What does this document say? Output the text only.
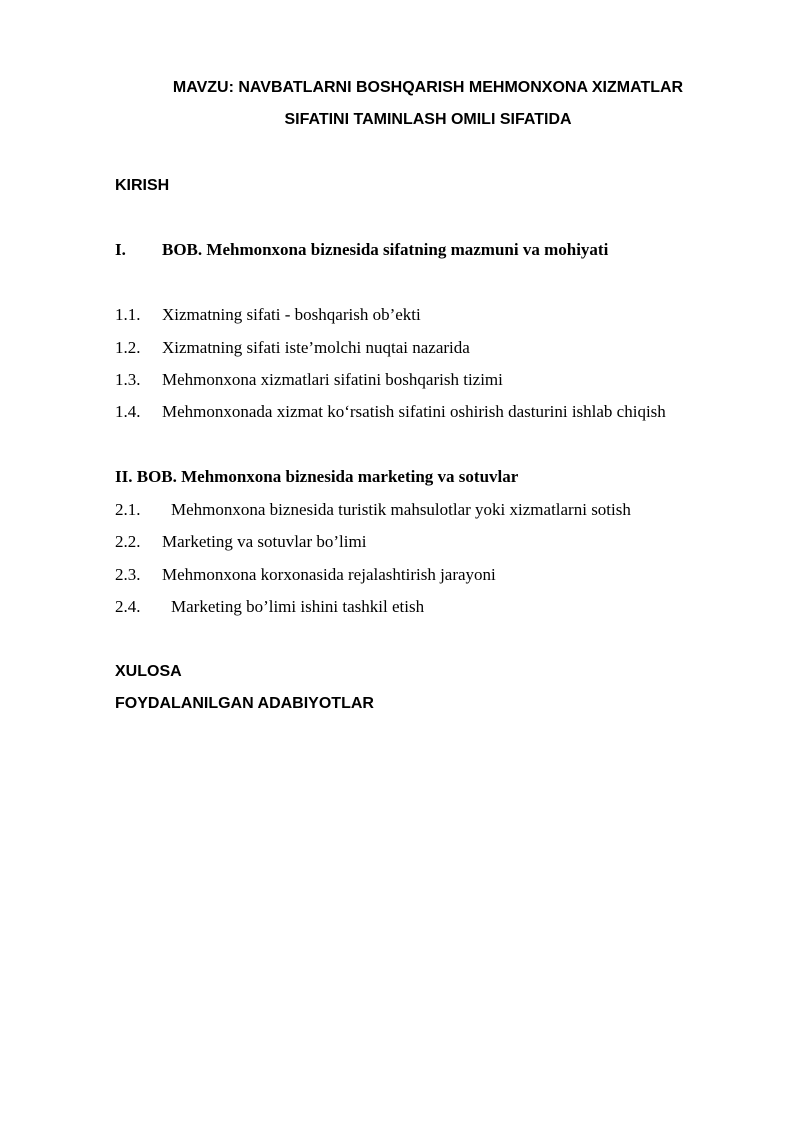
MAVZU: NAVBATLARNI BOSHQARISH MEHMONXONA XIZMATLAR
SIFATINI TAMINLASH OMILI SIFATIDA
KIRISH
I. BOB. Mehmonxona biznesida sifatning mazmuni va mohiyati
1.1. Xizmatning sifati - boshqarish ob’ekti
1.2. Xizmatning sifati iste’molchi nuqtai nazarida
1.3. Mehmonxona xizmatlari sifatini boshqarish tizimi
1.4. Mehmonxonada xizmat ko‘rsatish sifatini oshirish dasturini ishlab chiqish
II. BOB. Mehmonxona biznesida marketing va sotuvlar
2.1. Mehmonxona biznesida turistik mahsulotlar yoki xizmatlarni sotish
2.2. Marketing va sotuvlar bo’limi
2.3. Mehmonxona korxonasida rejalashtirish jarayoni
2.4. Marketing bo’limi ishini tashkil etish
XULOSA
FOYDALANILGAN ADABIYOTLAR
